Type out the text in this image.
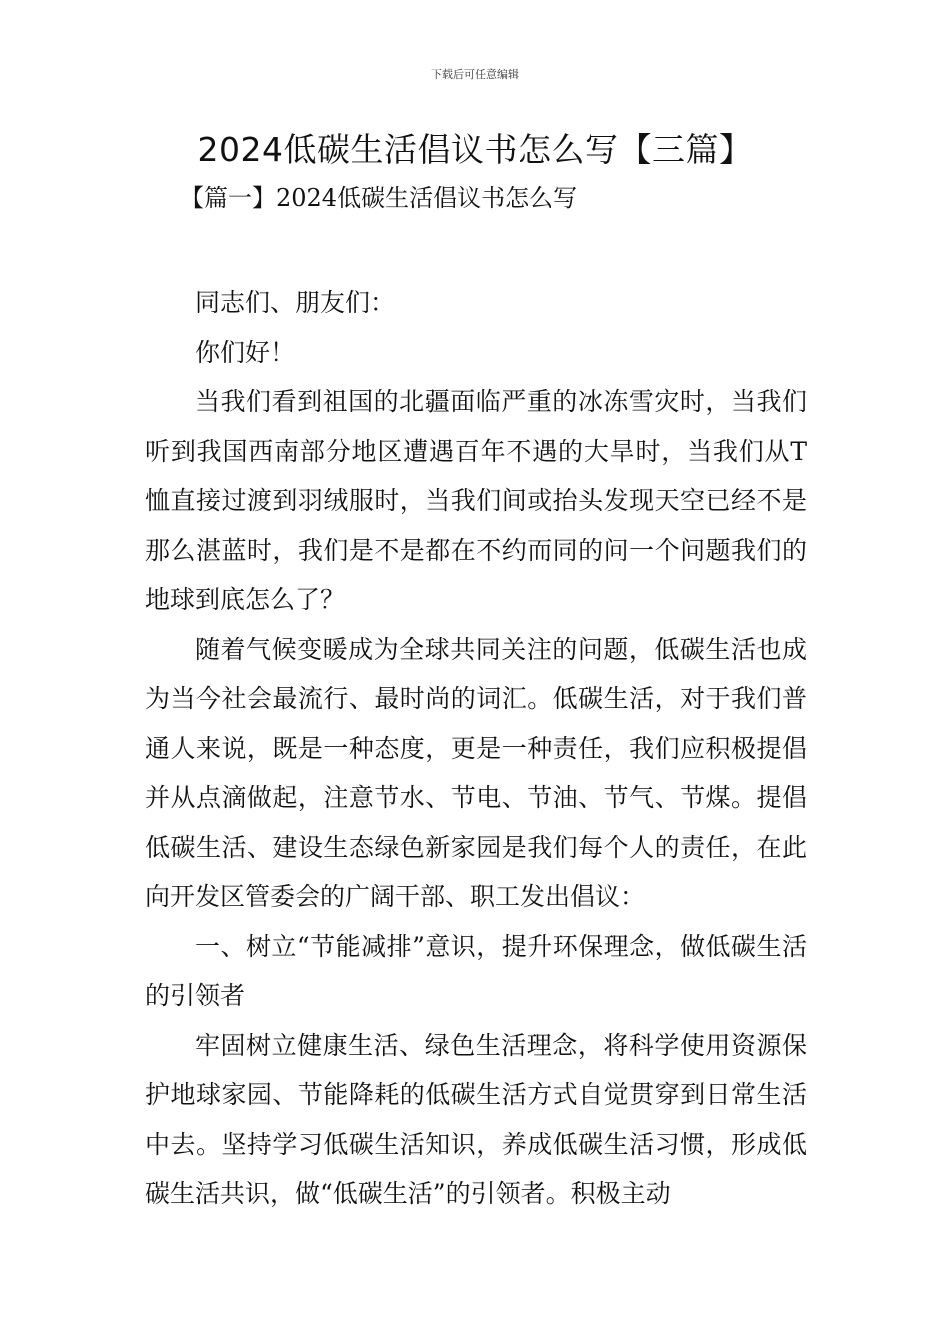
下载后可任意编辑
2024低碳生活倡议书怎么写【三篇】
【篇一】2024低碳生活倡议书怎么写

同志们、朋友们：

你们好！

当我们看到祖国的北疆面临严重的冰冻雪灾时，当我们听到我国西南部分地区遭遇百年不遇的大旱时，当我们从T恤直接过渡到羽绒服时，当我们间或抬头发现天空已经不是那么湛蓝时，我们是不是都在不约而同的问一个问题我们的地球到底怎么了？

随着气候变暖成为全球共同关注的问题，低碳生活也成为当今社会最流行、最时尚的词汇。低碳生活，对于我们普通人来说，既是一种态度，更是一种责任，我们应积极提倡并从点滴做起，注意节水、节电、节油、节气、节煤。提倡低碳生活、建设生态绿色新家园是我们每个人的责任，在此向开发区管委会的广阔干部、职工发出倡议：

一、树立“节能减排”意识，提升环保理念，做低碳生活的引领者

牢固树立健康生活、绿色生活理念，将科学使用资源保护地球家园、节能降耗的低碳生活方式自觉贯穿到日常生活中去。坚持学习低碳生活知识，养成低碳生活习惯，形成低碳生活共识，做“低碳生活”的引领者。积极主动
